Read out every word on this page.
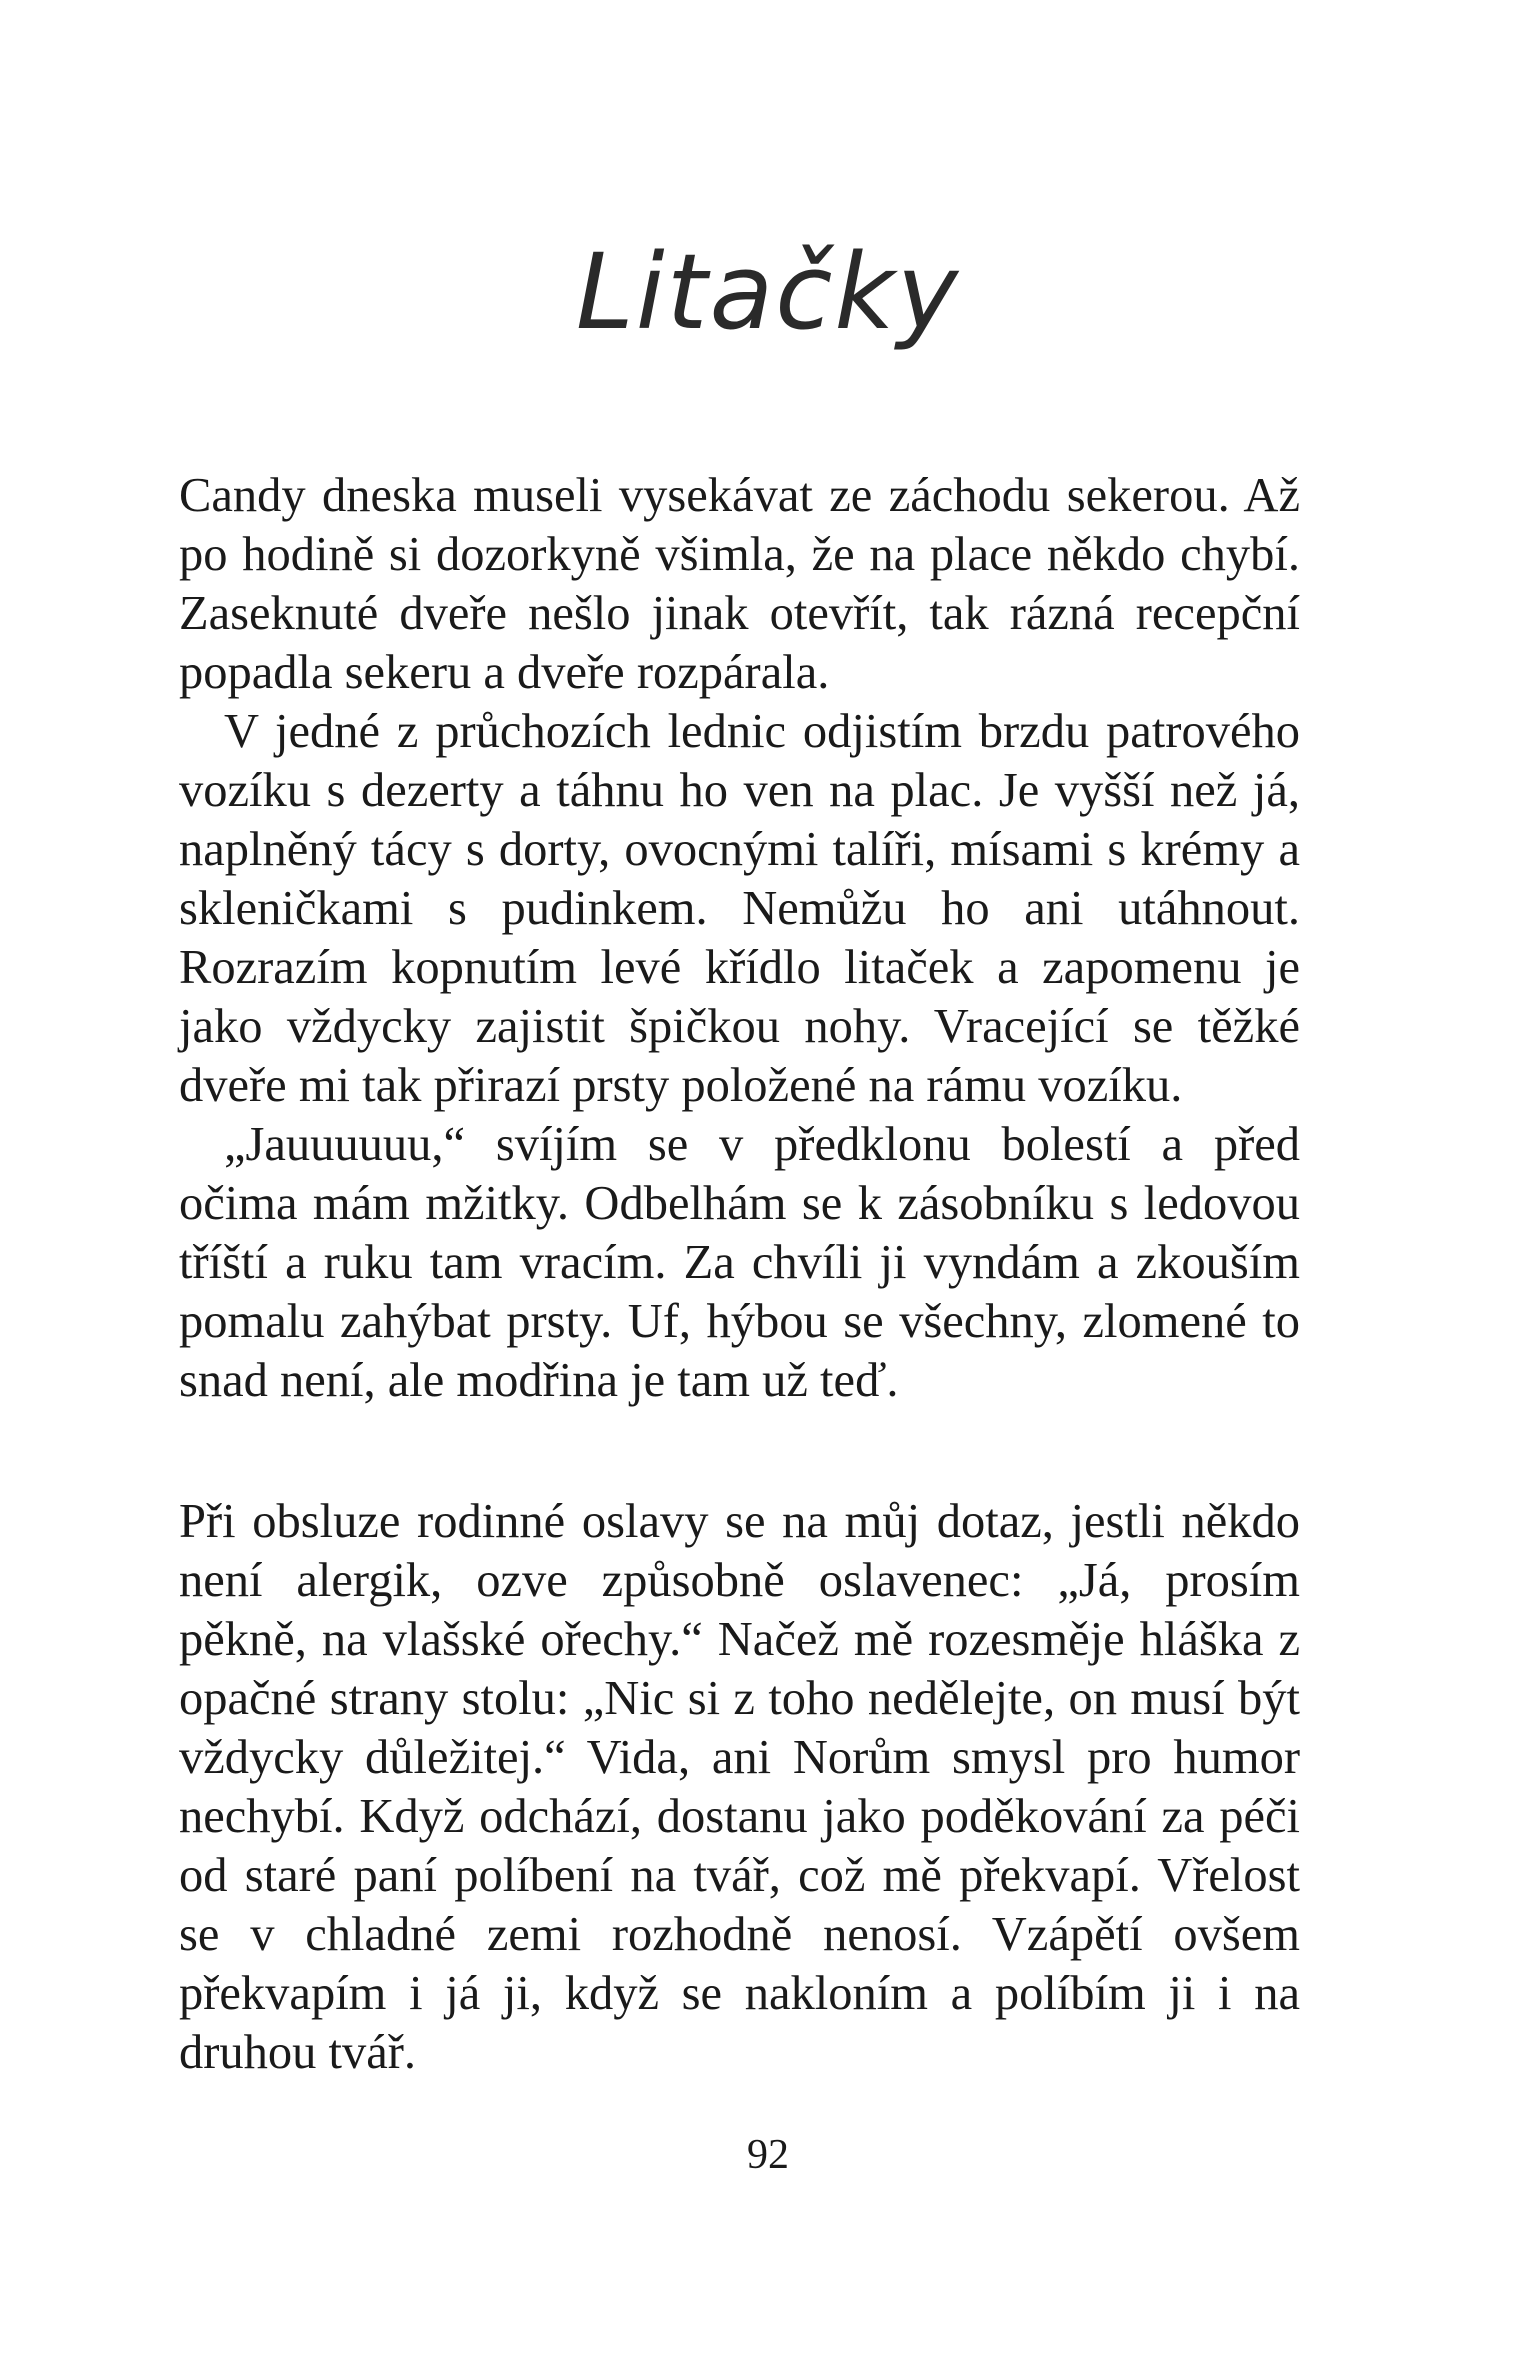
Litačky

Candy dneska museli vysekávat ze záchodu sekerou. Až po hodině si dozorkyně všimla, že na place někdo chybí. Zaseknuté dveře nešlo jinak otevřít, tak rázná recepční popadla sekeru a dveře rozpárala.

V jedné z průchozích lednic odjistím brzdu patrového vozíku s dezerty a táhnu ho ven na plac. Je vyšší než já, naplněný tácy s dorty, ovocnými talíři, mísami s krémy a skleničkami s pudinkem. Nemůžu ho ani utáhnout. Rozrazím kopnutím levé křídlo litaček a zapomenu je jako vždycky zajistit špičkou nohy. Vracející se těžké dveře mi tak přirazí prsty položené na rámu vozíku.

„Jauuuuuu,“ svíjím se v předklonu bolestí a před očima mám mžitky. Odbelhám se k zásobníku s ledovou tříští a ruku tam vracím. Za chvíli ji vyndám a zkouším pomalu zahýbat prsty. Uf, hýbou se všechny, zlomené to snad není, ale modřina je tam už teď.

Při obsluze rodinné oslavy se na můj dotaz, jestli někdo není alergik, ozve způsobně oslavenec: „Já, prosím pěkně, na vlašské ořechy.“ Načež mě rozesměje hláška z opačné strany stolu: „Nic si z toho nedělejte, on musí být vždycky důležitej.“ Vida, ani Norům smysl pro humor nechybí. Když odchází, dostanu jako poděkování za péči od staré paní políbení na tvář, což mě překvapí. Vřelost se v chladné zemi rozhodně nenosí. Vzápětí ovšem překvapím i já ji, když se nakloním a políbím ji i na druhou tvář.

92
